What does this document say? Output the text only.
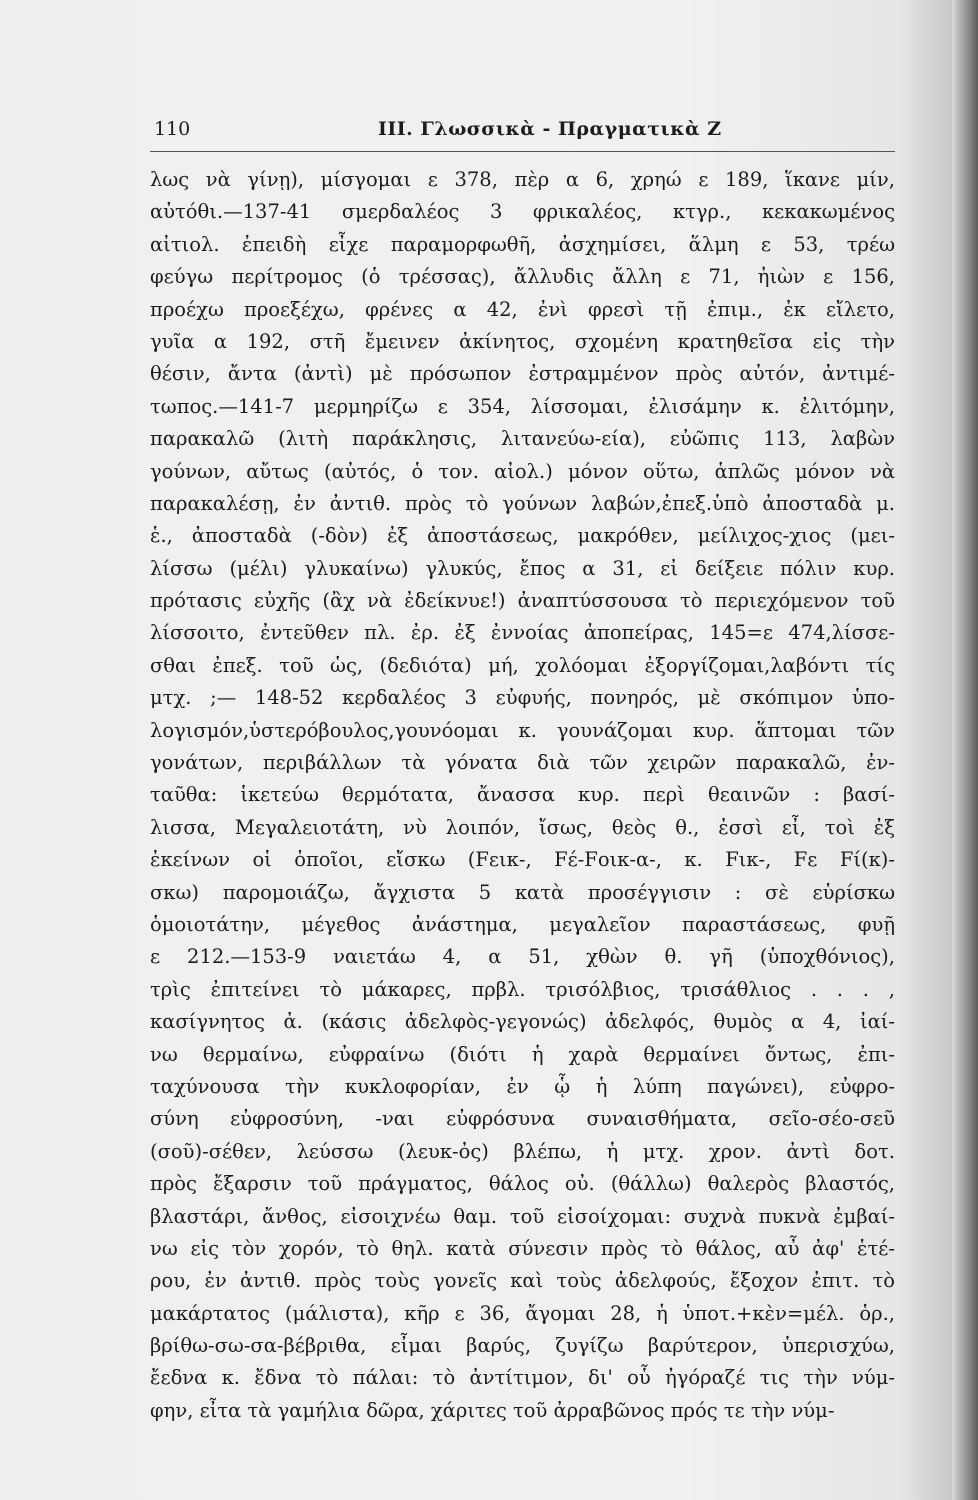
110	III. Γλωσσικὰ - Πραγματικὰ Ζ
λως νὰ γίνῃ), μίσγομαι ε 378, πὲρ α 6, χρηώ ε 189, ἵκανε μίν,
αὐτόθι.—137-41 σμερδαλέος 3 φρικαλέος, κτγρ., κεκακωμένος
αἰτιολ. ἐπειδὴ εἶχε παραμορφωθῆ, ἀσχημίσει, ἅλμη ε 53, τρέω
φεύγω περίτρομος (ὁ τρέσσας), ἄλλυδις ἄλλη ε 71, ἠιὼν ε 156,
προέχω προεξέχω, φρένες α 42, ἐνὶ φρεσὶ τῇ ἐπιμ., ἐκ εἴλετο,
γυῖα α 192, στῆ ἔμεινεν ἀκίνητος, σχομένη κρατηθεῖσα εἰς τὴν
θέσιν, ἄντα (ἀντὶ) μὲ πρόσωπον ἐστραμμένον πρὸς αὐτόν, ἀντιμέ-
τωπος.—141-7 μερμηρίζω ε 354, λίσσομαι, ἐλισάμην κ. ἐλιτόμην,
παρακαλῶ (λιτὴ παράκλησις, λιτανεύω-εία), εὐῶπις 113, λαβὼν
γούνων, αὔτως (αὐτός, ὁ τον. αἰολ.) μόνον οὕτω, ἁπλῶς μόνον νὰ
παρακαλέσῃ, ἐν ἀντιθ. πρὸς τὸ γούνων λαβών,ἐπεξ.ὑπὸ ἀποσταδὰ μ.
ἑ., ἀποσταδὰ (-δὸν) ἐξ ἀποστάσεως, μακρόθεν, μείλιχος-χιος (μει-
λίσσω (μέλι) γλυκαίνω) γλυκύς, ἔπος α 31, εἰ δείξειε πόλιν κυρ.
πρότασις εὐχῆς (ἂχ νὰ ἐδείκνυε!) ἀναπτύσσουσα τὸ περιεχόμενον τοῦ
λίσσοιτο, ἐντεῦθεν πλ. ἐρ. ἐξ ἐννοίας ἀποπείρας, 145=ε 474,λίσσε-
σθαι ἐπεξ. τοῦ ὡς, (δεδιότα) μή, χολόομαι ἐξοργίζομαι,λαβόντι τίς
μτχ. ;— 148-52 κερδαλέος 3 εὐφυής, πονηρός, μὲ σκόπιμον ὑπο-
λογισμόν,ὑστερόβουλος,γουνόομαι κ. γουνάζομαι κυρ. ἅπτομαι τῶν
γονάτων, περιβάλλων τὰ γόνατα διὰ τῶν χειρῶν παρακαλῶ, ἐν-
ταῦθα: ἱκετεύω θερμότατα, ἄνασσα κυρ. περὶ θεαινῶν : βασί-
λισσα, Μεγαλειοτάτη, νὺ λοιπόν, ἴσως, θεὸς θ., ἐσσὶ εἶ, τοὶ ἐξ
ἐκείνων οἱ ὁποῖοι, εἴσκω (Fεικ-, Fέ-Fοικ-α-, κ. Fικ-, Fε Fί(κ)-
σκω) παρομοιάζω, ἄγχιστα 5 κατὰ προσέγγισιν : σὲ εὑρίσκω
ὁμοιοτάτην, μέγεθος ἀνάστημα, μεγαλεῖον παραστάσεως, φυῇ
ε 212.—153-9 ναιετάω 4, α 51, χθὼν θ. γῆ (ὑποχθόνιος),
τρὶς ἐπιτείνει τὸ μάκαρες, πρβλ. τρισόλβιος, τρισάθλιος . . . ,
κασίγνητος ἀ. (κάσις ἀδελφὸς-γεγονώς) ἀδελφός, θυμὸς α 4, ἰαί-
νω θερμαίνω, εὐφραίνω (διότι ἡ χαρὰ θερμαίνει ὄντως, ἐπι-
ταχύνουσα τὴν κυκλοφορίαν, ἐν ᾧ ἡ λύπη παγώνει), εὐφρο-
σύνη εὐφροσύνη, -ναι εὐφρόσυνα συναισθήματα, σεῖο-σέο-σεῦ
(σοῦ)-σέθεν, λεύσσω (λευκ-ὀς) βλέπω, ἡ μτχ. χρον. ἀντὶ δοτ.
πρὸς ἔξαρσιν τοῦ πράγματος, θάλος οὐ. (θάλλω) θαλερὸς βλαστός,
βλαστάρι, ἄνθος, εἰσοιχνέω θαμ. τοῦ εἰσοίχομαι: συχνὰ πυκνὰ ἐμβαί-
νω εἰς τὸν χορόν, τὸ θηλ. κατὰ σύνεσιν πρὸς τὸ θάλος, αὖ ἀφ' ἑτέ-
ρου, ἐν ἀντιθ. πρὸς τοὺς γονεῖς καὶ τοὺς ἀδελφούς, ἔξοχον ἐπιτ. τὸ
μακάρτατος (μάλιστα), κῆρ ε 36, ἄγομαι 28, ἡ ὑποτ.+κὲν=μέλ. ὁρ.,
βρίθω-σω-σα-βέβριθα, εἶμαι βαρύς, ζυγίζω βαρύτερον, ὑπερισχύω,
ἔεδνα κ. ἔδνα τὸ πάλαι: τὸ ἀντίτιμον, δι' οὗ ἠγόραζέ τις τὴν νύμ-
φην, εἶτα τὰ γαμήλια δῶρα, χάριτες τοῦ ἀρραβῶνος πρός τε τὴν νύμ-
